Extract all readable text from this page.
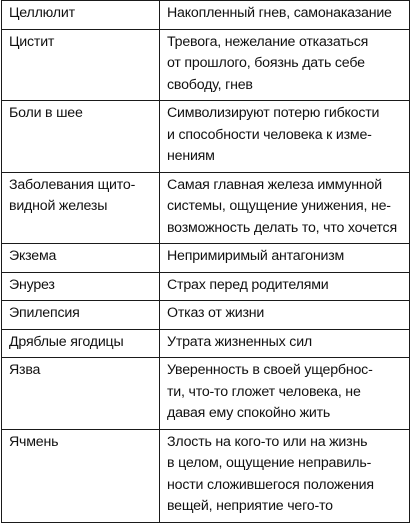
Целлюлит	Накопленный гнев, самонаказание
Цистит	Тревога, нежелание отказаться
от прошлого, боязнь дать себе
свободу, гнев
Боли в шее	Символизируют потерю гибкости
и способности человека к изме-
нениям
Заболевания щито-
видной железы	Самая главная железа иммунной
системы, ощущение унижения, не-
возможность делать то, что хочется
Экзема	Непримиримый антагонизм
Энурез	Страх перед родителями
Эпилепсия	Отказ от жизни
Дряблые ягодицы	Утрата жизненных сил
Язва	Уверенность в своей ущербнос-
ти, что-то гложет человека, не
давая ему спокойно жить
Ячмень	Злость на кого-то или на жизнь
в целом, ощущение неправиль-
ности сложившегося положения
вещей, неприятие чего-то
